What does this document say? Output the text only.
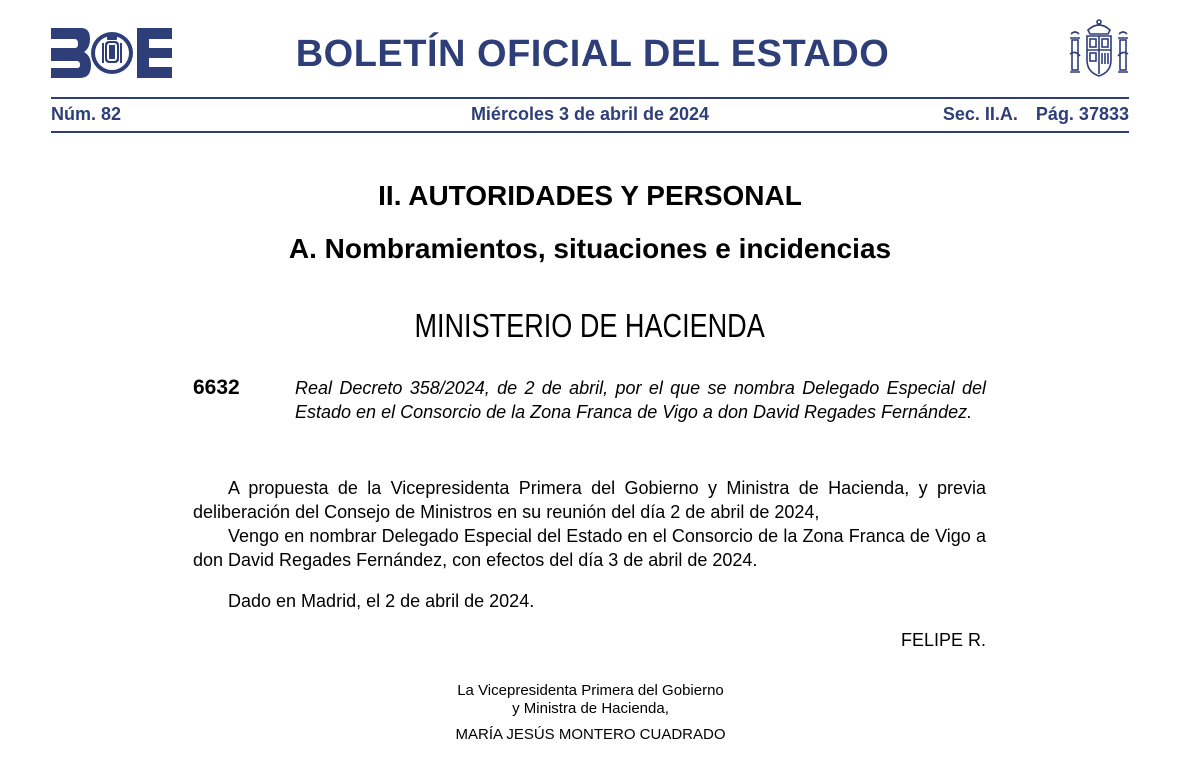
BOLETÍN OFICIAL DEL ESTADO
Núm. 82	Miércoles 3 de abril de 2024	Sec. II.A. Pág. 37833
II. AUTORIDADES Y PERSONAL
A. Nombramientos, situaciones e incidencias
MINISTERIO DE HACIENDA
6632	Real Decreto 358/2024, de 2 de abril, por el que se nombra Delegado Especial del Estado en el Consorcio de la Zona Franca de Vigo a don David Regades Fernández.
A propuesta de la Vicepresidenta Primera del Gobierno y Ministra de Hacienda, y previa deliberación del Consejo de Ministros en su reunión del día 2 de abril de 2024,
Vengo en nombrar Delegado Especial del Estado en el Consorcio de la Zona Franca de Vigo a don David Regades Fernández, con efectos del día 3 de abril de 2024.
Dado en Madrid, el 2 de abril de 2024.
FELIPE R.
La Vicepresidenta Primera del Gobierno
y Ministra de Hacienda,
MARÍA JESÚS MONTERO CUADRADO
